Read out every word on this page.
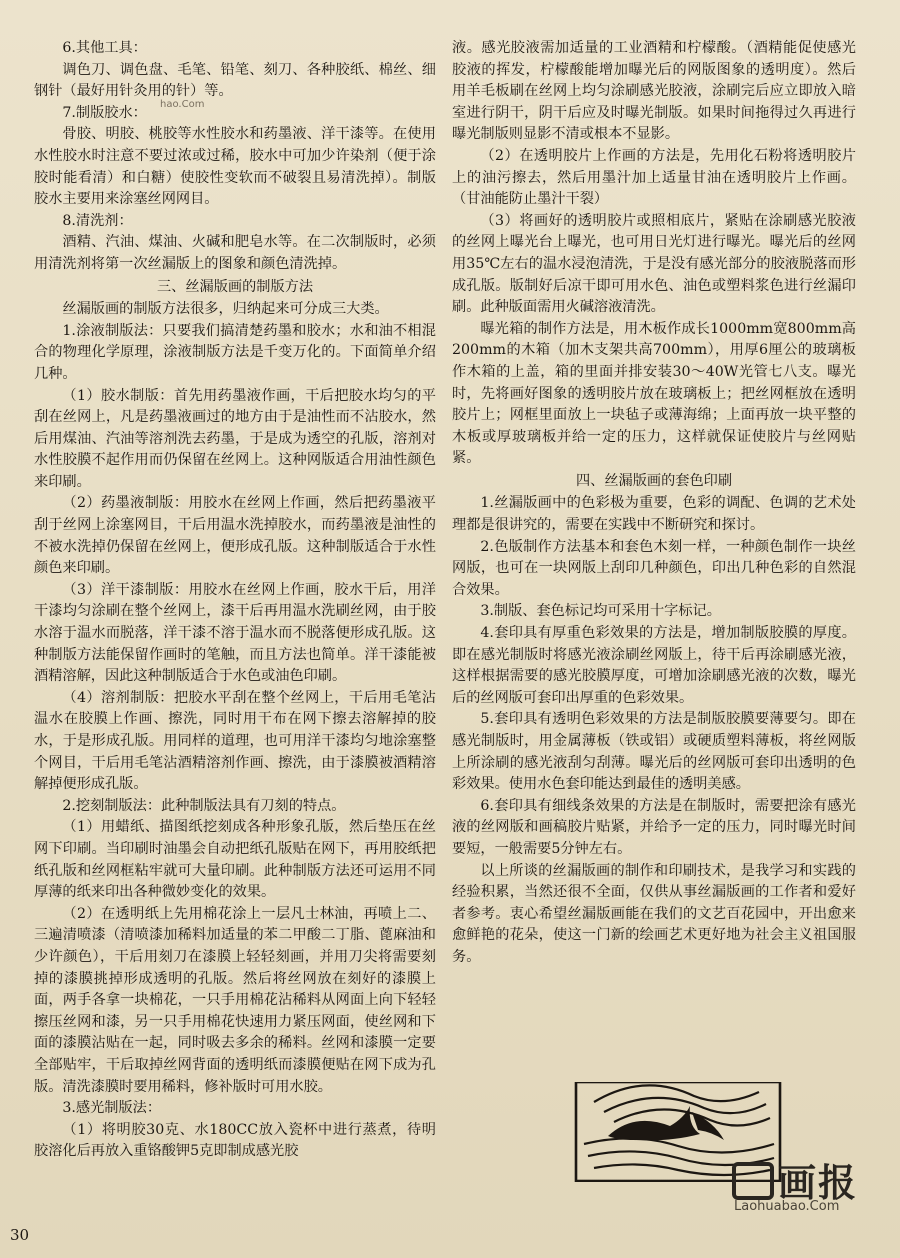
6.其他工具：

调色刀、调色盘、毛笔、铅笔、刻刀、各种胶纸、棉丝、细钢针（最好用针灸用的针）等。

7.制版胶水：

骨胶、明胶、桃胶等水性胶水和药墨液、洋干漆等。在使用水性胶水时注意不要过浓或过稀，胶水中可加少许染剂（便于涂胶时能看清）和白糖）使胶性变软而不破裂且易清洗掉）。制版胶水主要用来涂塞丝网网目。

8.清洗剂：

酒精、汽油、煤油、火碱和肥皂水等。在二次制版时，必须用清洗剂将第一次丝漏版上的图象和颜色清洗掉。

三、丝漏版画的制版方法

丝漏版画的制版方法很多，归纳起来可分成三大类。

1.涂液制版法：只要我们搞清楚药墨和胶水；水和油不相混合的物理化学原理，涂液制版方法是千变万化的。下面简单介绍几种。

（1）胶水制版：首先用药墨液作画，干后把胶水均匀的平刮在丝网上，凡是药墨液画过的地方由于是油性而不沾胶水，然后用煤油、汽油等溶剂洗去药墨，于是成为透空的孔版，溶剂对水性胶膜不起作用而仍保留在丝网上。这种网版适合用油性颜色来印刷。

（2）药墨液制版：用胶水在丝网上作画，然后把药墨液平刮于丝网上涂塞网目，干后用温水洗掉胶水，而药墨液是油性的不被水洗掉仍保留在丝网上，便形成孔版。这种制版适合于水性颜色来印刷。

（3）洋干漆制版：用胶水在丝网上作画，胶水干后，用洋干漆均匀涂刷在整个丝网上，漆干后再用温水洗刷丝网，由于胶水溶于温水而脱落，洋干漆不溶于温水而不脱落便形成孔版。这种制版方法能保留作画时的笔触，而且方法也简单。洋干漆能被酒精溶解，因此这种制版适合于水色或油色印刷。

（4）溶剂制版：把胶水平刮在整个丝网上，干后用毛笔沾温水在胶膜上作画、擦洗，同时用干布在网下擦去溶解掉的胶水，于是形成孔版。用同样的道理，也可用洋干漆均匀地涂塞整个网目，干后用毛笔沾酒精溶剂作画、擦洗，由于漆膜被酒精溶解掉便形成孔版。

2.挖刻制版法：此种制版法具有刀刻的特点。

（1）用蜡纸、描图纸挖刻成各种形象孔版，然后垫压在丝网下印刷。当印刷时油墨会自动把纸孔版贴在网下，再用胶纸把纸孔版和丝网框粘牢就可大量印刷。此种制版方法还可运用不同厚薄的纸来印出各种微妙变化的效果。

（2）在透明纸上先用棉花涂上一层凡士林油，再喷上二、三遍清喷漆（清喷漆加稀料加适量的苯二甲酸二丁脂、蓖麻油和少许颜色），干后用刻刀在漆膜上轻轻刻画，并用刀尖将需要刻掉的漆膜挑掉形成透明的孔版。然后将丝网放在刻好的漆膜上面，两手各拿一块棉花，一只手用棉花沾稀料从网面上向下轻轻擦压丝网和漆，另一只手用棉花快速用力紧压网面，使丝网和下面的漆膜沾贴在一起，同时吸去多余的稀料。丝网和漆膜一定要全部贴牢，干后取掉丝网背面的透明纸而漆膜便贴在网下成为孔版。清洗漆膜时要用稀料，修补版时可用水胶。

3.感光制版法：

（1）将明胶30克、水180CC放入瓷杯中进行蒸煮，待明胶溶化后再放入重铬酸钾5克即制成感光胶

液。感光胶液需加适量的工业酒精和柠檬酸。（酒精能促使感光胶液的挥发，柠檬酸能增加曝光后的网版图象的透明度）。然后用羊毛板刷在丝网上均匀涂刷感光胶液，涂刷完后应立即放入暗室进行阴干，阴干后应及时曝光制版。如果时间拖得过久再进行曝光制版则显影不清或根本不显影。

（2）在透明胶片上作画的方法是，先用化石粉将透明胶片上的油污擦去，然后用墨汁加上适量甘油在透明胶片上作画。（甘油能防止墨汁干裂）

（3）将画好的透明胶片或照相底片，紧贴在涂刷感光胶液的丝网上曝光台上曝光，也可用日光灯进行曝光。曝光后的丝网用35℃左右的温水浸泡清洗，于是没有感光部分的胶液脱落而形成孔版。版制好后凉干即可用水色、油色或塑料浆色进行丝漏印刷。此种版面需用火碱溶液清洗。

曝光箱的制作方法是，用木板作成长1000mm宽800mm高200mm的木箱（加木支架共高700mm），用厚6厘公的玻璃板作木箱的上盖，箱的里面并排安装30～40W光管七八支。曝光时，先将画好图象的透明胶片放在玻璃板上；把丝网框放在透明胶片上；网框里面放上一块毡子或薄海绵；上面再放一块平整的木板或厚玻璃板并给一定的压力，这样就保证使胶片与丝网贴紧。

四、丝漏版画的套色印刷

1.丝漏版画中的色彩极为重要，色彩的调配、色调的艺术处理都是很讲究的，需要在实践中不断研究和探讨。

2.色版制作方法基本和套色木刻一样，一种颜色制作一块丝网版，也可在一块网版上刮印几种颜色，印出几种色彩的自然混合效果。

3.制版、套色标记均可采用十字标记。

4.套印具有厚重色彩效果的方法是，增加制版胶膜的厚度。即在感光制版时将感光液涂刷丝网版上，待干后再涂刷感光液，这样根据需要的感光胶膜厚度，可增加涂刷感光液的次数，曝光后的丝网版可套印出厚重的色彩效果。

5.套印具有透明色彩效果的方法是制版胶膜要薄要匀。即在感光制版时，用金属薄板（铁或铝）或硬质塑料薄板，将丝网版上所涂刷的感光液刮匀刮薄。曝光后的丝网版可套印出透明的色彩效果。使用水色套印能达到最佳的透明美感。

6.套印具有细线条效果的方法是在制版时，需要把涂有感光液的丝网版和画稿胶片贴紧，并给予一定的压力，同时曝光时间要短，一般需要5分钟左右。

以上所谈的丝漏版画的制作和印刷技术，是我学习和实践的经验积累，当然还很不全面，仅供从事丝漏版画的工作者和爱好者参考。衷心希望丝漏版画能在我们的文艺百花园中，开出愈来愈鲜艳的花朵，使这一门新的绘画艺术更好地为社会主义祖国服务。

hao.Com
画报
Laohuabao.Com
30
